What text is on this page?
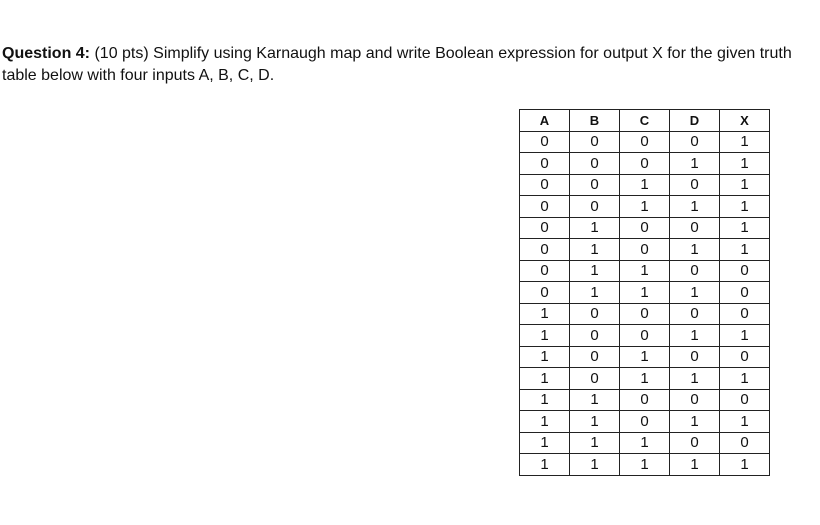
Question 4: (10 pts) Simplify using Karnaugh map and write Boolean expression for output X for the given truth table below with four inputs A, B, C, D.
A	B	C	D	X
0	0	0	0	1
0	0	0	1	1
0	0	1	0	1
0	0	1	1	1
0	1	0	0	1
0	1	0	1	1
0	1	1	0	0
0	1	1	1	0
1	0	0	0	0
1	0	0	1	1
1	0	1	0	0
1	0	1	1	1
1	1	0	0	0
1	1	0	1	1
1	1	1	0	0
1	1	1	1	1
